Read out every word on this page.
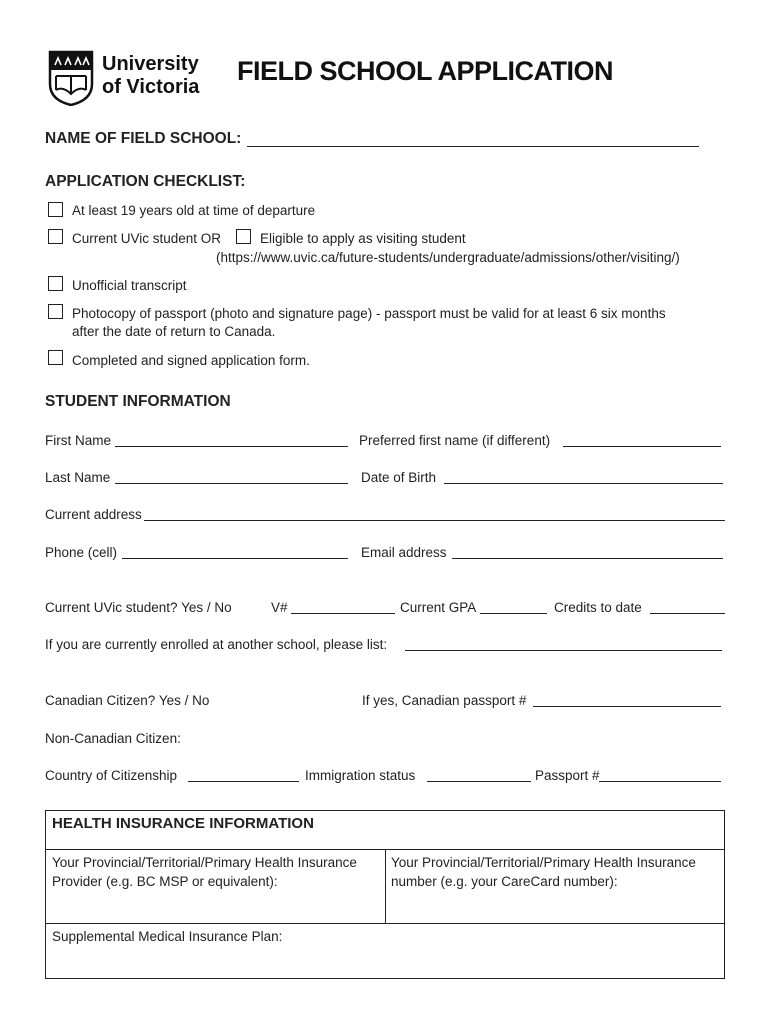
University
of Victoria
FIELD SCHOOL APPLICATION
NAME OF FIELD SCHOOL:
APPLICATION CHECKLIST:
At least 19 years old at time of departure
Current UVic student OR	Eligible to apply as visiting student
(https://www.uvic.ca/future-students/undergraduate/admissions/other/visiting/)
Unofficial transcript
Photocopy of passport (photo and signature page) - passport must be valid for at least 6 six months
after the date of return to Canada.
Completed and signed application form.
STUDENT INFORMATION
First Name	Preferred first name (if different)
Last Name	Date of Birth
Current address
Phone (cell)	Email address
Current UVic student? Yes / No	V#	Current GPA	Credits to date
If you are currently enrolled at another school, please list:
Canadian Citizen? Yes / No	If yes, Canadian passport #
Non-Canadian Citizen:
Country of Citizenship	Immigration status	Passport #
HEALTH INSURANCE INFORMATION
Your Provincial/Territorial/Primary Health Insurance
Provider (e.g. BC MSP or equivalent):
Your Provincial/Territorial/Primary Health Insurance
number (e.g. your CareCard number):
Supplemental Medical Insurance Plan:
